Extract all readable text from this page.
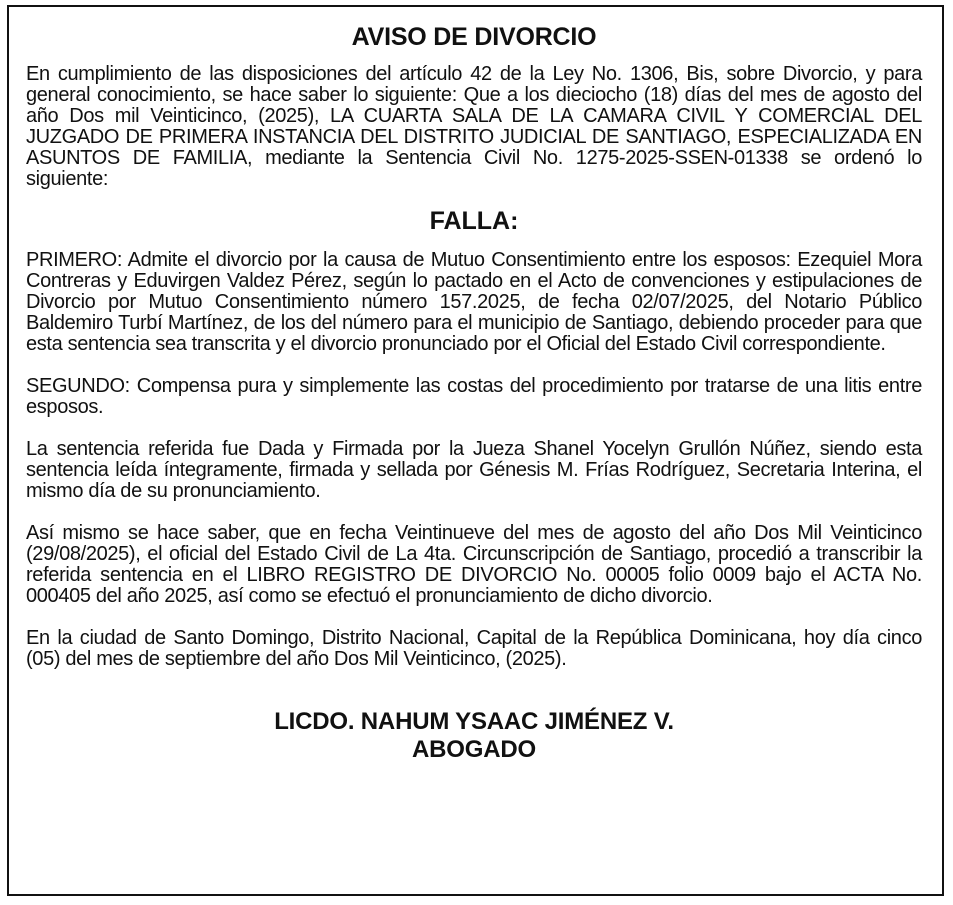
AVISO DE DIVORCIO

En cumplimiento de las disposiciones del artículo 42 de la Ley No. 1306, Bis, sobre Divorcio, y para general conocimiento, se hace saber lo siguiente: Que a los dieciocho (18) días del mes de agosto del año Dos mil Veinticinco, (2025), LA CUARTA SALA DE LA CAMARA CIVIL Y COMERCIAL DEL JUZGADO DE PRIMERA INSTANCIA DEL DISTRITO JUDICIAL DE SANTIAGO, ESPECIALIZADA EN ASUNTOS DE FAMILIA, mediante la Sentencia Civil No. 1275-2025-SSEN-01338 se ordenó lo siguiente:

FALLA:

PRIMERO: Admite el divorcio por la causa de Mutuo Consentimiento entre los esposos: Ezequiel Mora Contreras y Eduvirgen Valdez Pérez, según lo pactado en el Acto de convenciones y estipulaciones de Divorcio por Mutuo Consentimiento número 157.2025, de fecha 02/07/2025, del Notario Público Baldemiro Turbí Martínez, de los del número para el municipio de Santiago, debiendo proceder para que esta sentencia sea transcrita y el divorcio pronunciado por el Oficial del Estado Civil correspondiente.

SEGUNDO: Compensa pura y simplemente las costas del procedimiento por tratarse de una litis entre esposos.

La sentencia referida fue Dada y Firmada por la Jueza Shanel Yocelyn Grullón Núñez, siendo esta sentencia leída íntegramente, firmada y sellada por Génesis M. Frías Rodríguez, Secretaria Interina, el mismo día de su pronunciamiento.

Así mismo se hace saber, que en fecha Veintinueve del mes de agosto del año Dos Mil Veinticinco (29/08/2025), el oficial del Estado Civil de La 4ta. Circunscripción de Santiago, procedió a transcribir la referida sentencia en el LIBRO REGISTRO DE DIVORCIO No. 00005 folio 0009 bajo el ACTA No. 000405 del año 2025, así como se efectuó el pronunciamiento de dicho divorcio.

En la ciudad de Santo Domingo, Distrito Nacional, Capital de la República Dominicana, hoy día cinco (05) del mes de septiembre del año Dos Mil Veinticinco, (2025).

LICDO. NAHUM YSAAC JIMÉNEZ V.
ABOGADO
